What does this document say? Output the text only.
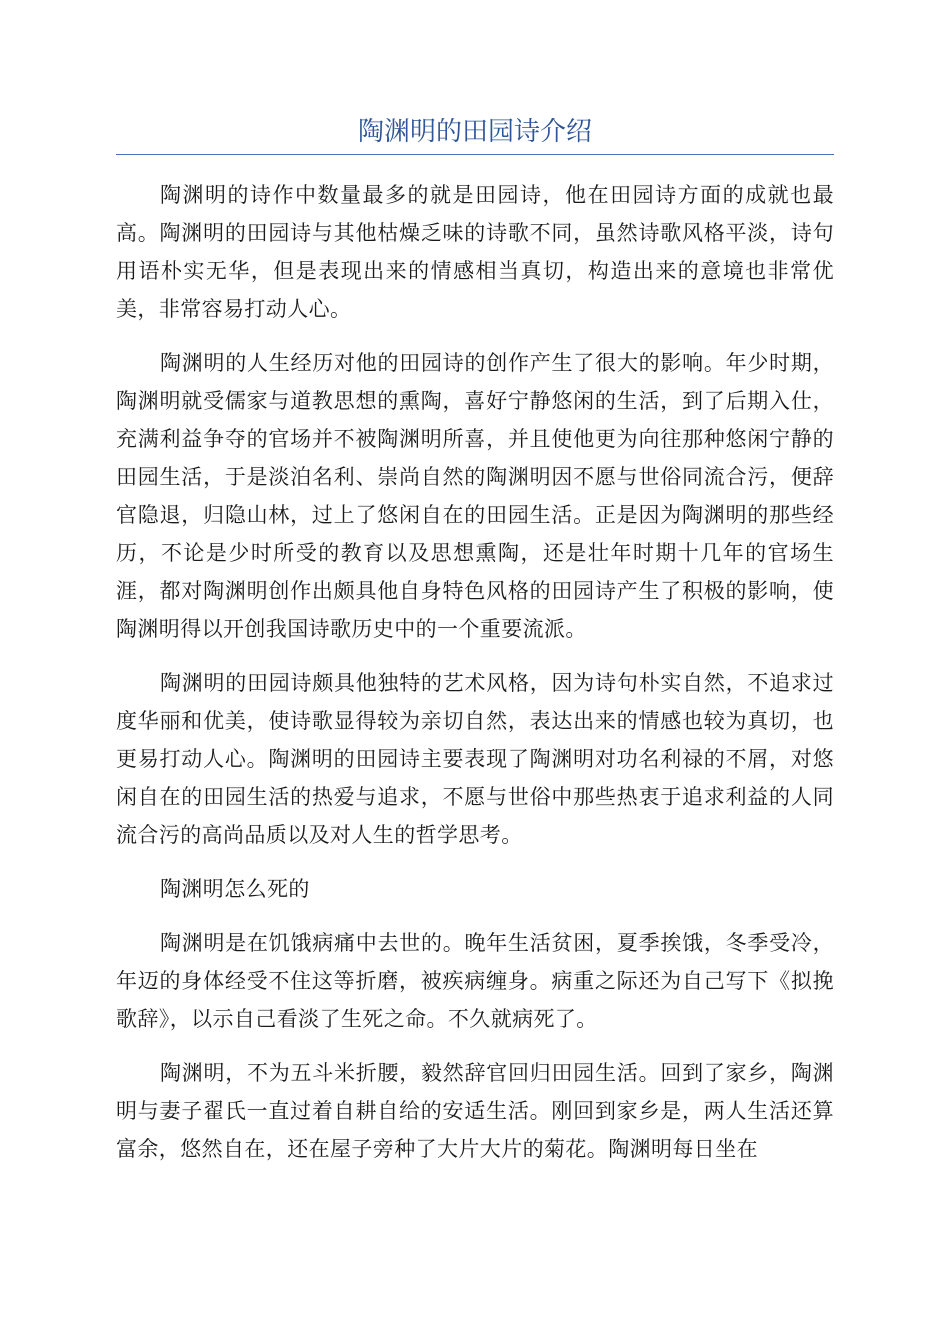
陶渊明的田园诗介绍

陶渊明的诗作中数量最多的就是田园诗，他在田园诗方面的成就也最高。陶渊明的田园诗与其他枯燥乏味的诗歌不同，虽然诗歌风格平淡，诗句用语朴实无华，但是表现出来的情感相当真切，构造出来的意境也非常优美，非常容易打动人心。

陶渊明的人生经历对他的田园诗的创作产生了很大的影响。年少时期，陶渊明就受儒家与道教思想的熏陶，喜好宁静悠闲的生活，到了后期入仕，充满利益争夺的官场并不被陶渊明所喜，并且使他更为向往那种悠闲宁静的田园生活，于是淡泊名利、崇尚自然的陶渊明因不愿与世俗同流合污，便辞官隐退，归隐山林，过上了悠闲自在的田园生活。正是因为陶渊明的那些经历，不论是少时所受的教育以及思想熏陶，还是壮年时期十几年的官场生涯，都对陶渊明创作出颇具他自身特色风格的田园诗产生了积极的影响，使陶渊明得以开创我国诗歌历史中的一个重要流派。

陶渊明的田园诗颇具他独特的艺术风格，因为诗句朴实自然，不追求过度华丽和优美，使诗歌显得较为亲切自然，表达出来的情感也较为真切，也更易打动人心。陶渊明的田园诗主要表现了陶渊明对功名利禄的不屑，对悠闲自在的田园生活的热爱与追求，不愿与世俗中那些热衷于追求利益的人同流合污的高尚品质以及对人生的哲学思考。

陶渊明怎么死的

陶渊明是在饥饿病痛中去世的。晚年生活贫困，夏季挨饿，冬季受冷，年迈的身体经受不住这等折磨，被疾病缠身。病重之际还为自己写下《拟挽歌辞》，以示自己看淡了生死之命。不久就病死了。

陶渊明，不为五斗米折腰，毅然辞官回归田园生活。回到了家乡，陶渊明与妻子翟氏一直过着自耕自给的安适生活。刚回到家乡是，两人生活还算富余，悠然自在，还在屋子旁种了大片大片的菊花。陶渊明每日坐在
